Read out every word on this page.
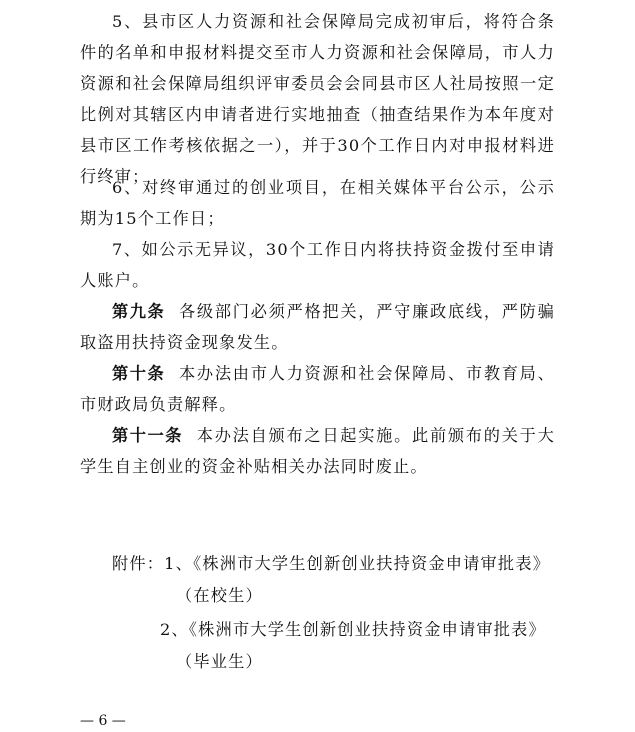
5、县市区人力资源和社会保障局完成初审后，将符合条件的名单和申报材料提交至市人力资源和社会保障局，市人力资源和社会保障局组织评审委员会会同县市区人社局按照一定比例对其辖区内申请者进行实地抽查（抽查结果作为本年度对县市区工作考核依据之一），并于30个工作日内对申报材料进行终审；

6、对终审通过的创业项目，在相关媒体平台公示，公示期为15个工作日；

7、如公示无异议，30个工作日内将扶持资金拨付至申请人账户。

第九条 各级部门必须严格把关，严守廉政底线，严防骗取盗用扶持资金现象发生。

第十条 本办法由市人力资源和社会保障局、市教育局、市财政局负责解释。

第十一条 本办法自颁布之日起实施。此前颁布的关于大学生自主创业的资金补贴相关办法同时废止。

附件：1、《株洲市大学生创新创业扶持资金申请审批表》

（在校生）

2、《株洲市大学生创新创业扶持资金申请审批表》

（毕业生）

— 6 —
